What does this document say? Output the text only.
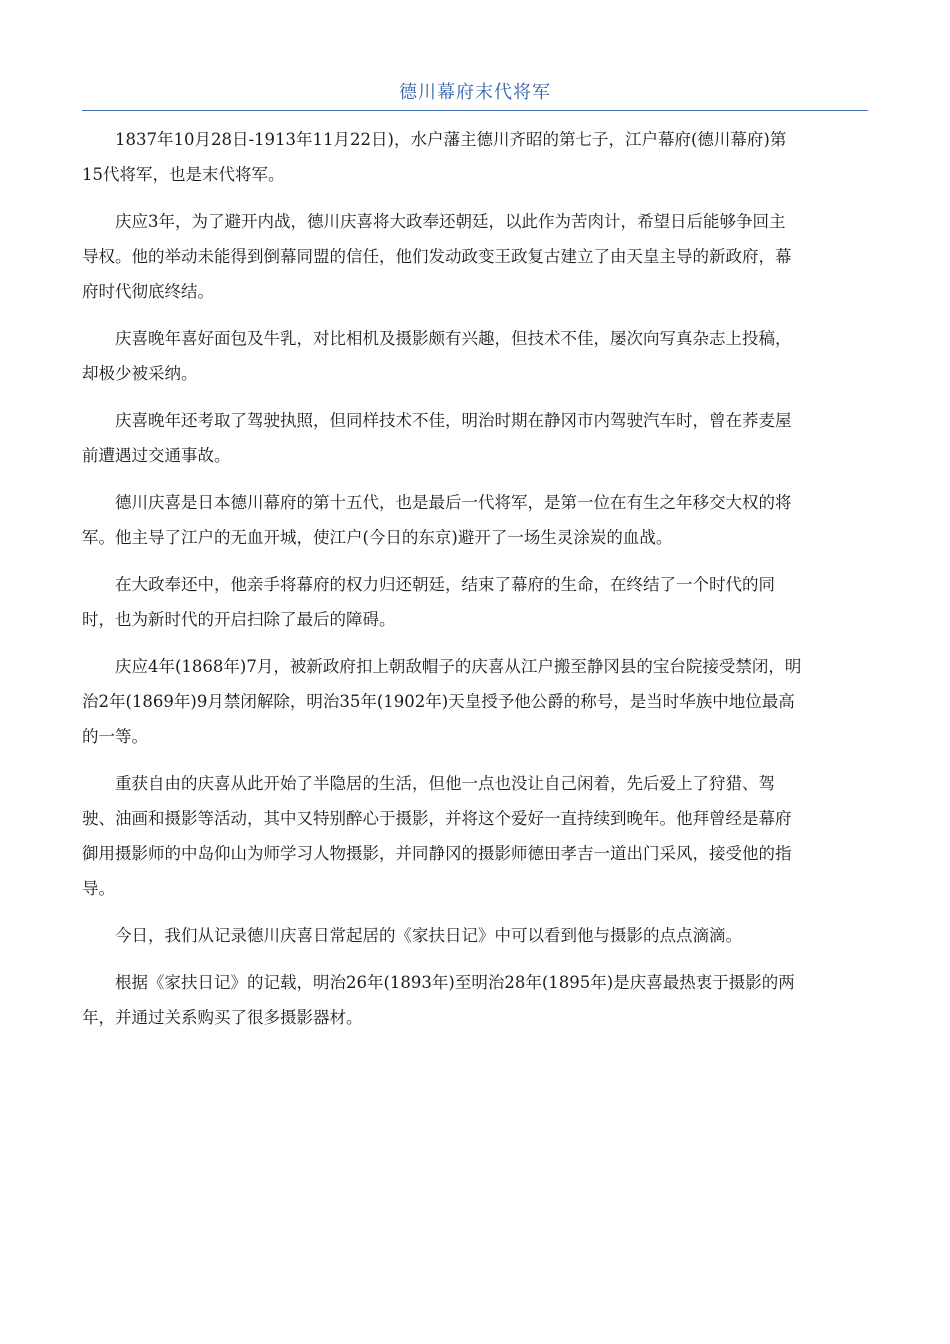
德川幕府末代将军

1837年10月28日-1913年11月22日)，水户藩主德川齐昭的第七子，江户幕府(德川幕府)第
15代将军，也是末代将军。

庆应3年，为了避开内战，德川庆喜将大政奉还朝廷，以此作为苦肉计，希望日后能够争回主
导权。他的举动未能得到倒幕同盟的信任，他们发动政变王政复古建立了由天皇主导的新政府，幕
府时代彻底终结。

庆喜晚年喜好面包及牛乳，对比相机及摄影颇有兴趣，但技术不佳，屡次向写真杂志上投稿，
却极少被采纳。

庆喜晚年还考取了驾驶执照，但同样技术不佳，明治时期在静冈市内驾驶汽车时，曾在荞麦屋
前遭遇过交通事故。

德川庆喜是日本德川幕府的第十五代，也是最后一代将军，是第一位在有生之年移交大权的将
军。他主导了江户的无血开城，使江户(今日的东京)避开了一场生灵涂炭的血战。

在大政奉还中，他亲手将幕府的权力归还朝廷，结束了幕府的生命，在终结了一个时代的同
时，也为新时代的开启扫除了最后的障碍。

庆应4年(1868年)7月，被新政府扣上朝敌帽子的庆喜从江户搬至静冈县的宝台院接受禁闭，明
治2年(1869年)9月禁闭解除，明治35年(1902年)天皇授予他公爵的称号，是当时华族中地位最高
的一等。

重获自由的庆喜从此开始了半隐居的生活，但他一点也没让自己闲着，先后爱上了狩猎、驾
驶、油画和摄影等活动，其中又特别醉心于摄影，并将这个爱好一直持续到晚年。他拜曾经是幕府
御用摄影师的中岛仰山为师学习人物摄影，并同静冈的摄影师德田孝吉一道出门采风，接受他的指
导。

今日，我们从记录德川庆喜日常起居的《家扶日记》中可以看到他与摄影的点点滴滴。

根据《家扶日记》的记载，明治26年(1893年)至明治28年(1895年)是庆喜最热衷于摄影的两
年，并通过关系购买了很多摄影器材。
